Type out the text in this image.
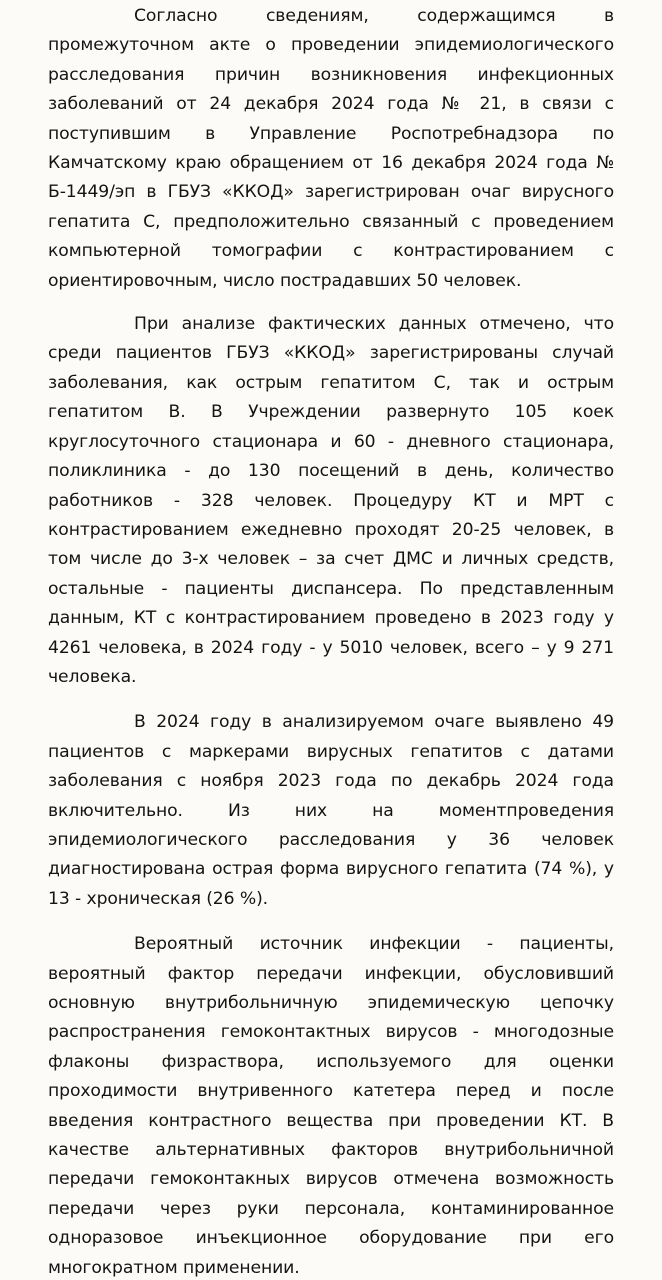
Согласно сведениям, содержащимся в промежуточном акте о проведении эпидемиологического расследования причин возникновения инфекционных заболеваний от 24 декабря 2024 года № 21, в связи с поступившим в Управление Роспотребнадзора по Камчатскому краю обращением от 16 декабря 2024 года № Б-1449/эп в ГБУЗ «ККОД» зарегистрирован очаг вирусного гепатита С, предположительно связанный с проведением компьютерной томографии с контрастированием с ориентировочным, число пострадавших 50 человек.

При анализе фактических данных отмечено, что среди пациентов ГБУЗ «ККОД» зарегистрированы случай заболевания, как острым гепатитом С, так и острым гепатитом В. В Учреждении развернуто 105 коек круглосуточного стационара и 60 - дневного стационара, поликлиника - до 130 посещений в день, количество работников - 328 человек. Процедуру КТ и МРТ с контрастированием ежедневно проходят 20-25 человек, в том числе до 3-х человек – за счет ДМС и личных средств, остальные - пациенты диспансера. По представленным данным, КТ с контрастированием проведено в 2023 году у 4261 человека, в 2024 году - у 5010 человек, всего – у 9 271 человека.

В 2024 году в анализируемом очаге выявлено 49 пациентов с маркерами вирусных гепатитов с датами заболевания с ноября 2023 года по декабрь 2024 года включительно. Из них на моментпроведения эпидемиологического расследования у 36 человек диагностирована острая форма вирусного гепатита (74 %), у 13 - хроническая (26 %).

Вероятный источник инфекции - пациенты, вероятный фактор передачи инфекции, обусловивший основную внутрибольничную эпидемическую цепочку распространения гемоконтактных вирусов - многодозные флаконы физраствора, используемого для оценки проходимости внутривенного катетера перед и после введения контрастного вещества при проведении КТ. В качестве альтернативных факторов внутрибольничной передачи гемоконтакных вирусов отмечена возможность передачи через руки персонала, контаминированное одноразовое инъекционное оборудование при его многократном применении.
